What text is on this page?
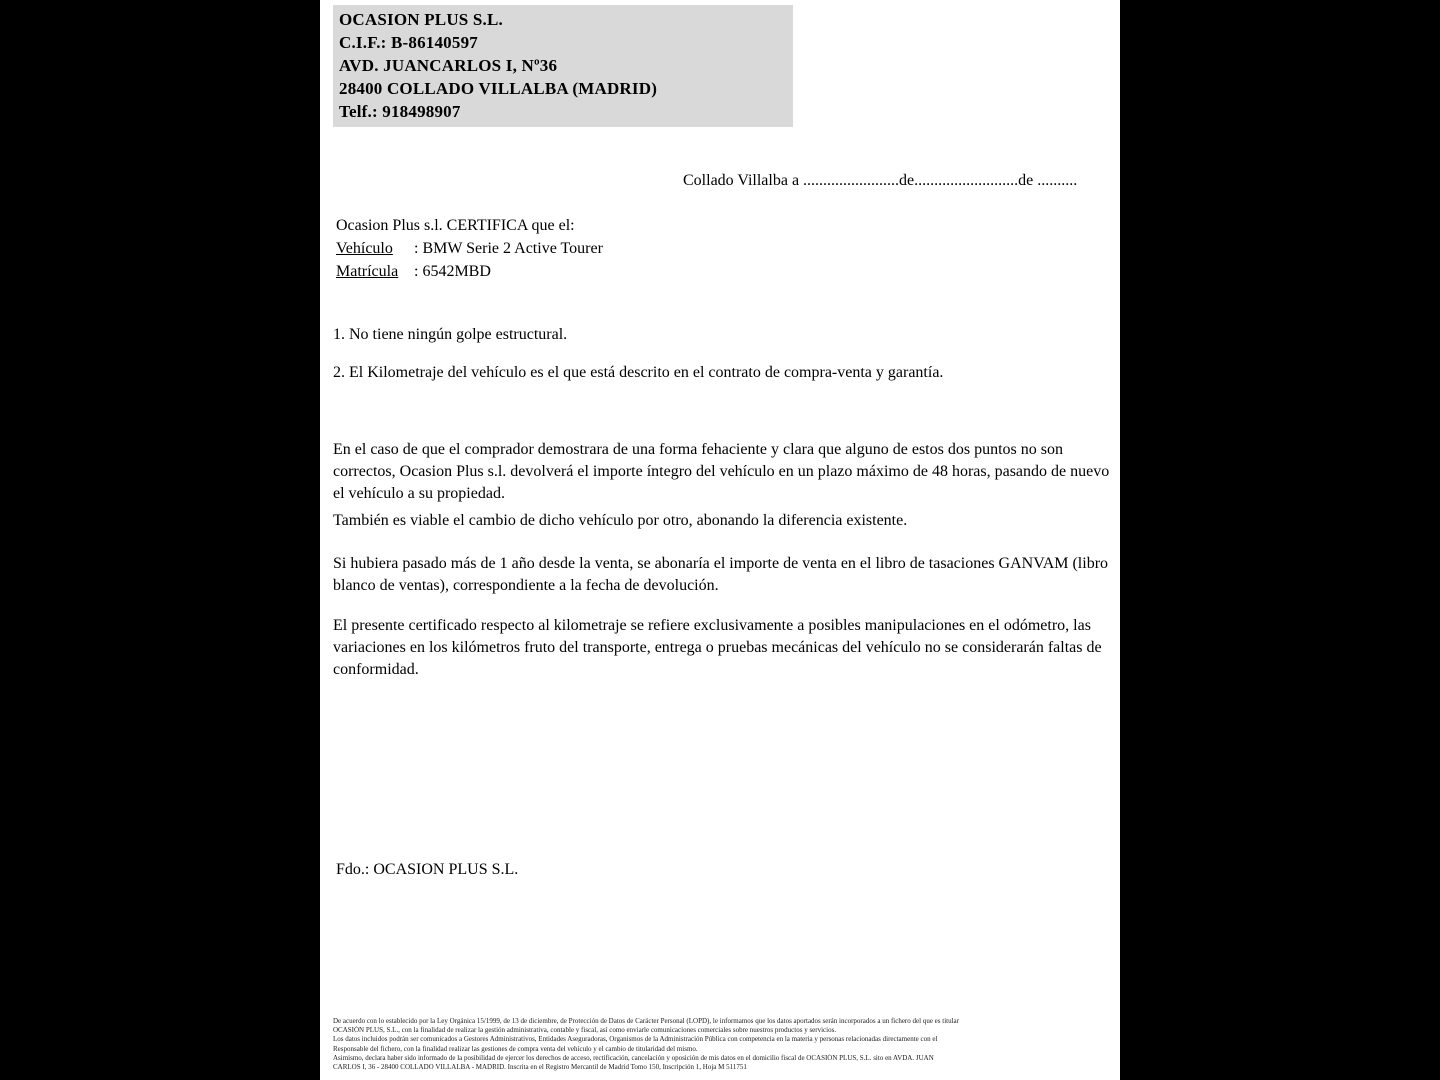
OCASION PLUS S.L.
C.I.F.: B-86140597
AVD. JUANCARLOS I, Nº36
28400 COLLADO VILLALBA (MADRID)
Telf.: 918498907
Collado Villalba a ........................de..........................de ..........
Ocasion Plus s.l. CERTIFICA que el:
Vehículo : BMW Serie 2 Active Tourer
Matrícula : 6542MBD
1. No tiene ningún golpe estructural.
2. El Kilometraje del vehículo es el que está descrito en el contrato de compra-venta y garantía.
En el caso de que el comprador demostrara de una forma fehaciente y clara que alguno de estos dos puntos no son correctos, Ocasion Plus s.l. devolverá el importe íntegro del vehículo en un plazo máximo de 48 horas, pasando de nuevo el vehículo a su propiedad.
También es viable el cambio de dicho vehículo por otro, abonando la diferencia existente.
Si hubiera pasado más de 1 año desde la venta, se abonaría el importe de venta en el libro de tasaciones GANVAM (libro blanco de ventas), correspondiente a la fecha de devolución.
El presente certificado respecto al kilometraje se refiere exclusivamente a posibles manipulaciones en el odómetro, las variaciones en los kilómetros fruto del transporte, entrega o pruebas mecánicas del vehículo no se considerarán faltas de conformidad.
Fdo.: OCASION PLUS S.L.
De acuerdo con lo establecido por la Ley Orgánica 15/1999, de 13 de diciembre, de Protección de Datos de Carácter Personal (LOPD), le informamos que los datos aportados serán incorporados a un fichero del que es titular
OCASIÓN PLUS, S.L., con la finalidad de realizar la gestión administrativa, contable y fiscal, así como enviarle comunicaciones comerciales sobre nuestros productos y servicios.
Los datos incluidos podrán ser comunicados a Gestores Administrativos, Entidades Aseguradoras, Organismos de la Administración Pública con competencia en la materia y personas relacionadas directamente con el
Responsable del fichero, con la finalidad realizar las gestiones de compra venta del vehículo y el cambio de titularidad del mismo.
Asimismo, declara haber sido informado de la posibilidad de ejercer los derechos de acceso, rectificación, cancelación y oposición de mis datos en el domicilio fiscal de OCASIÓN PLUS, S.L. sito en AVDA. JUAN
CARLOS I, 36 - 28400 COLLADO VILLALBA - MADRID. Inscrita en el Registro Mercantil de Madrid Tomo 150, Inscripción 1, Hoja M 511751
